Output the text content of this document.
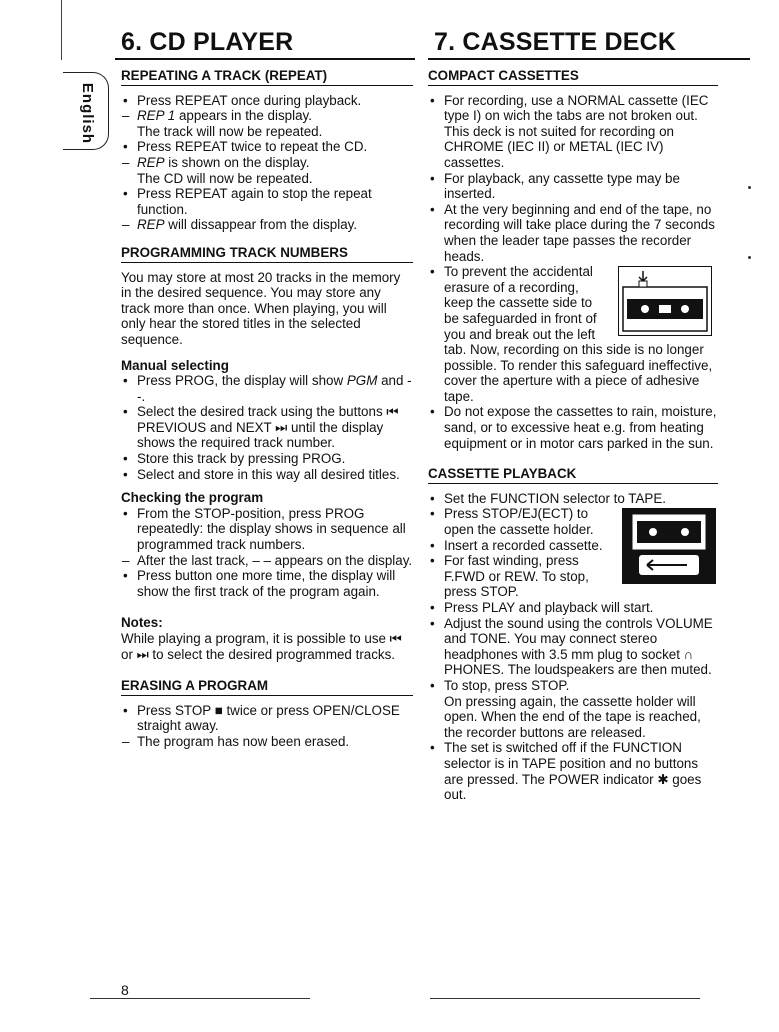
English
6. CD PLAYER	7. CASSETTE DECK
REPEATING A TRACK (REPEAT)
• Press REPEAT once during playback.
– REP 1 appears in the display.
The track will now be repeated.
• Press REPEAT twice to repeat the CD.
– REP is shown on the display.
The CD will now be repeated.
• Press REPEAT again to stop the repeat function.
– REP will dissappear from the display.
PROGRAMMING TRACK NUMBERS

You may store at most 20 tracks in the memory in the desired sequence. You may store any track more than once. When playing, you will only hear the stored titles in the selected sequence.

Manual selecting

• Press PROG, the display will show PGM and --.
• Select the desired track using the buttons ⏮ PREVIOUS and NEXT ⏭ until the display shows the required track number.
• Store this track by pressing PROG.
• Select and store in this way all desired titles.

Checking the program

• From the STOP-position, press PROG repeatedly: the display shows in sequence all programmed track numbers.
– After the last track, – – appears on the display.
• Press button one more time, the display will show the first track of the program again.

Notes:

While playing a program, it is possible to use ⏮ or ⏭ to select the desired programmed tracks.

ERASING A PROGRAM
• Press STOP ■ twice or press OPEN/CLOSE straight away.
– The program has now been erased.
COMPACT CASSETTES
• For recording, use a NORMAL cassette (IEC type I) on wich the tabs are not broken out. This deck is not suited for recording on CHROME (IEC II) or METAL (IEC IV) cassettes.
• For playback, any cassette type may be inserted.
• At the very beginning and end of the tape, no recording will take place during the 7 seconds when the leader tape passes the recorder heads.
• To prevent the accidental erasure of a recording, keep the cassette side to be safeguarded in front of you and break out the left tab. Now, recording on this side is no longer possible. To render this safeguard ineffective, cover the aperture with a piece of adhesive tape.
• Do not expose the cassettes to rain, moisture, sand, or to excessive heat e.g. from heating equipment or in motor cars parked in the sun.
CASSETTE PLAYBACK
• Set the FUNCTION selector to TAPE.
• Press STOP/EJ(ECT) to open the cassette holder.
• Insert a recorded cassette.
• For fast winding, press F.FWD or REW. To stop, press STOP.
• Press PLAY and playback will start.
• Adjust the sound using the controls VOLUME and TONE. You may connect stereo headphones with 3.5 mm plug to socket ∩ PHONES. The loudspeakers are then muted.
• To stop, press STOP.
On pressing again, the cassette holder will open. When the end of the tape is reached, the recorder buttons are released.
• The set is switched off if the FUNCTION selector is in TAPE position and no buttons are pressed. The POWER indicator ✱ goes out.
8
